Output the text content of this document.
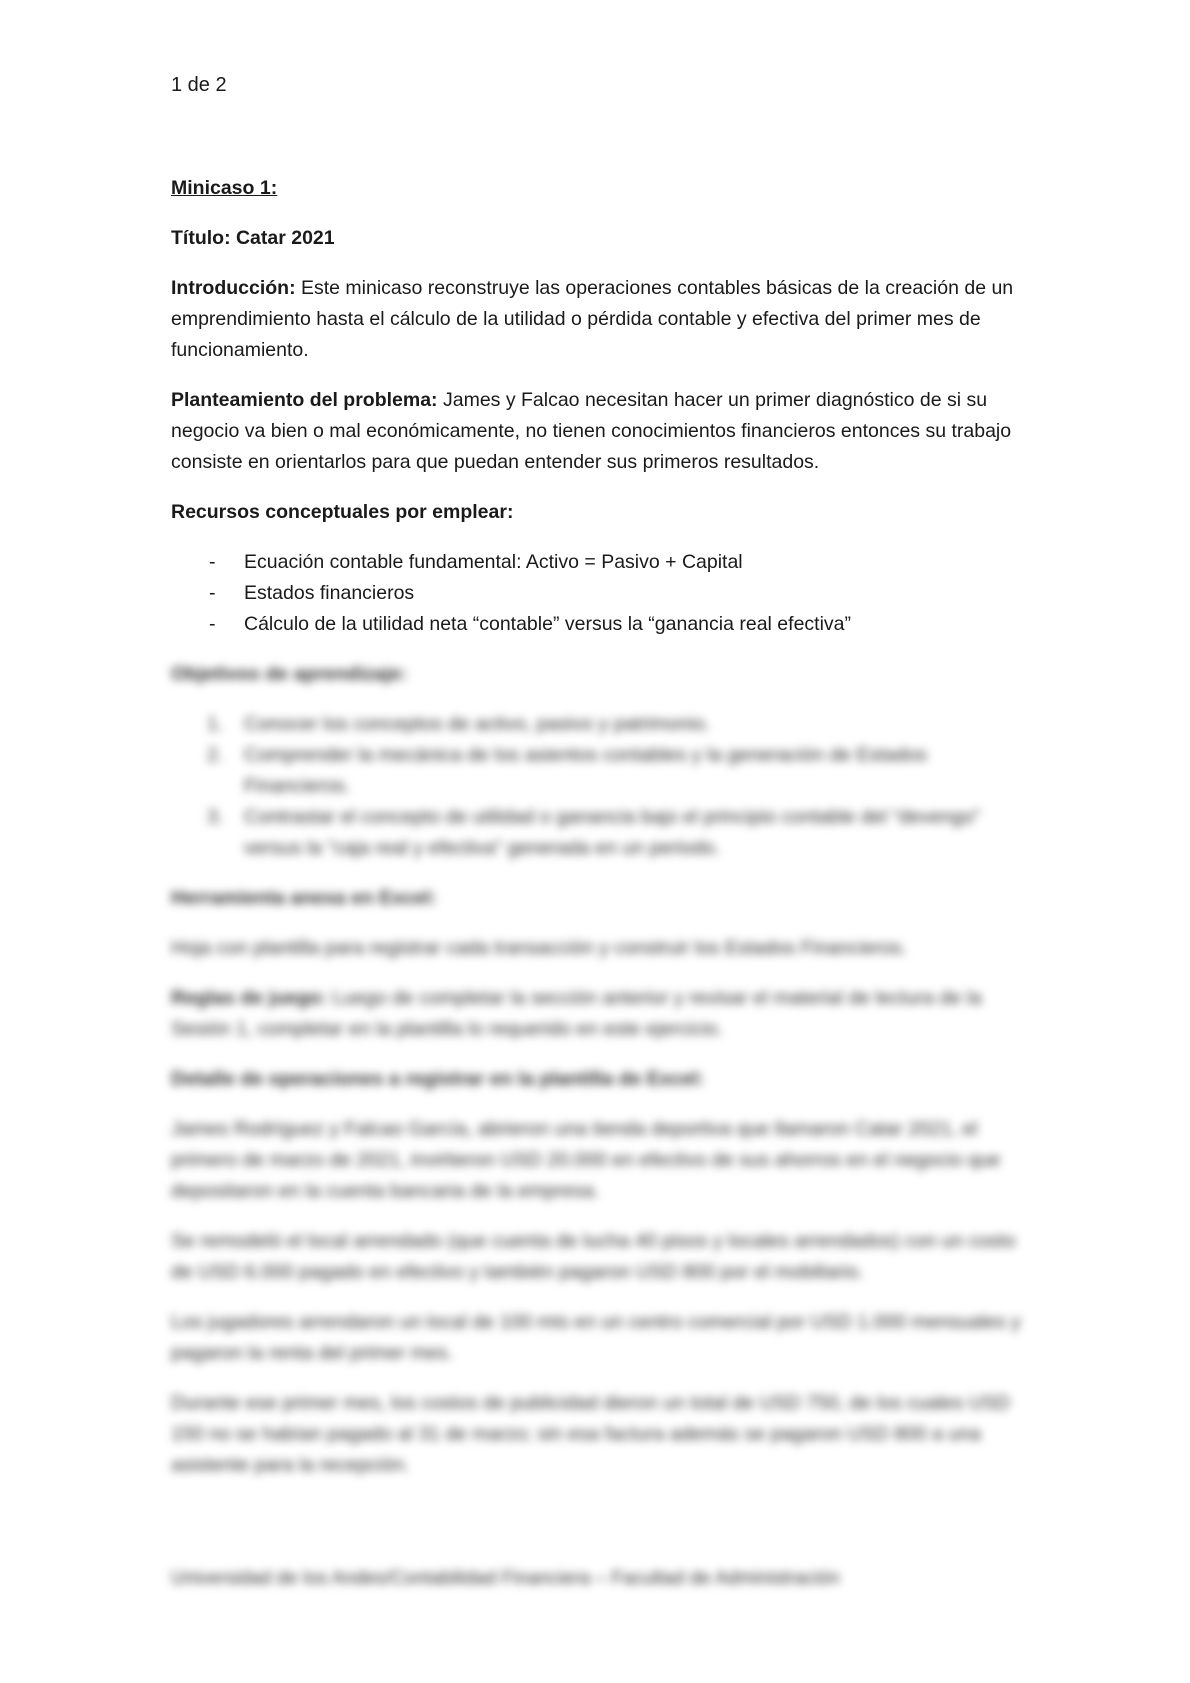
1 de 2
Minicaso 1:
Título: Catar 2021

Introducción: Este minicaso reconstruye las operaciones contables básicas de la creación de un emprendimiento hasta el cálculo de la utilidad o pérdida contable y efectiva del primer mes de funcionamiento.

Planteamiento del problema: James y Falcao necesitan hacer un primer diagnóstico de si su negocio va bien o mal económicamente, no tienen conocimientos financieros entonces su trabajo consiste en orientarlos para que puedan entender sus primeros resultados.

Recursos conceptuales por emplear:
- Ecuación contable fundamental: Activo = Pasivo + Capital
- Estados financieros
- Cálculo de la utilidad neta “contable” versus la “ganancia real efectiva”
Objetivos de aprendizaje:
1. Conocer los conceptos de activo, pasivo y patrimonio.
2. Comprender la mecánica de los asientos contables y la generación de Estados Financieros.
3. Contrastar el concepto de utilidad o ganancia bajo el principio contable del “devengo” versus la “caja real y efectiva” generada en un periodo.
Herramienta anexa en Excel:

Hoja con plantilla para registrar cada transacción y construir los Estados Financieros.

Reglas de juego: Luego de completar la sección anterior y revisar el material de lectura de la Sesión 1, completar en la plantilla lo requerido en este ejercicio.

Detalle de operaciones a registrar en la plantilla de Excel:

James Rodríguez y Falcao García, abrieron una tienda deportiva que llamaron Catar 2021, el primero de marzo de 2021, invirtieron USD 20.000 en efectivo de sus ahorros en el negocio que depositaron en la cuenta bancaria de la empresa.

Se remodeló el local arrendado (que cuenta de lucha 40 pisos y locales arrendados) con un costo de USD 6.000 pagado en efectivo y también pagaron USD 800 por el mobiliario.

Los jugadores arrendaron un local de 100 mts en un centro comercial por USD 1.000 mensuales y pagaron la renta del primer mes.

Durante ese primer mes, los costos de publicidad dieron un total de USD 750, de los cuales USD 150 no se habían pagado al 31 de marzo; sin esa factura además se pagaron USD 800 a una asistente para la recepción.

Universidad de los Andes/Contabilidad Financiera – Facultad de Administración
